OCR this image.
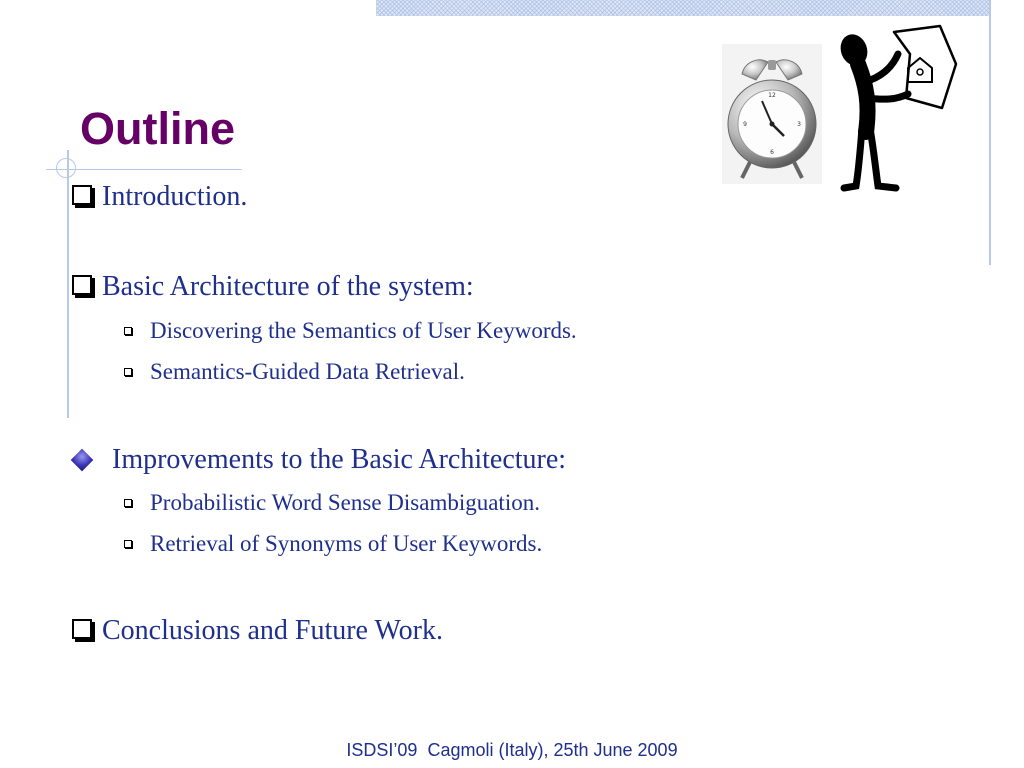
Outline
12
3
6
9
Introduction.
Basic Architecture of the system:
Discovering the Semantics of User Keywords.
Semantics-Guided Data Retrieval.
Improvements to the Basic Architecture:
Probabilistic Word Sense Disambiguation.
Retrieval of Synonyms of User Keywords.
Conclusions and Future Work.
ISDSI’09  Cagmoli (Italy), 25th June 2009
